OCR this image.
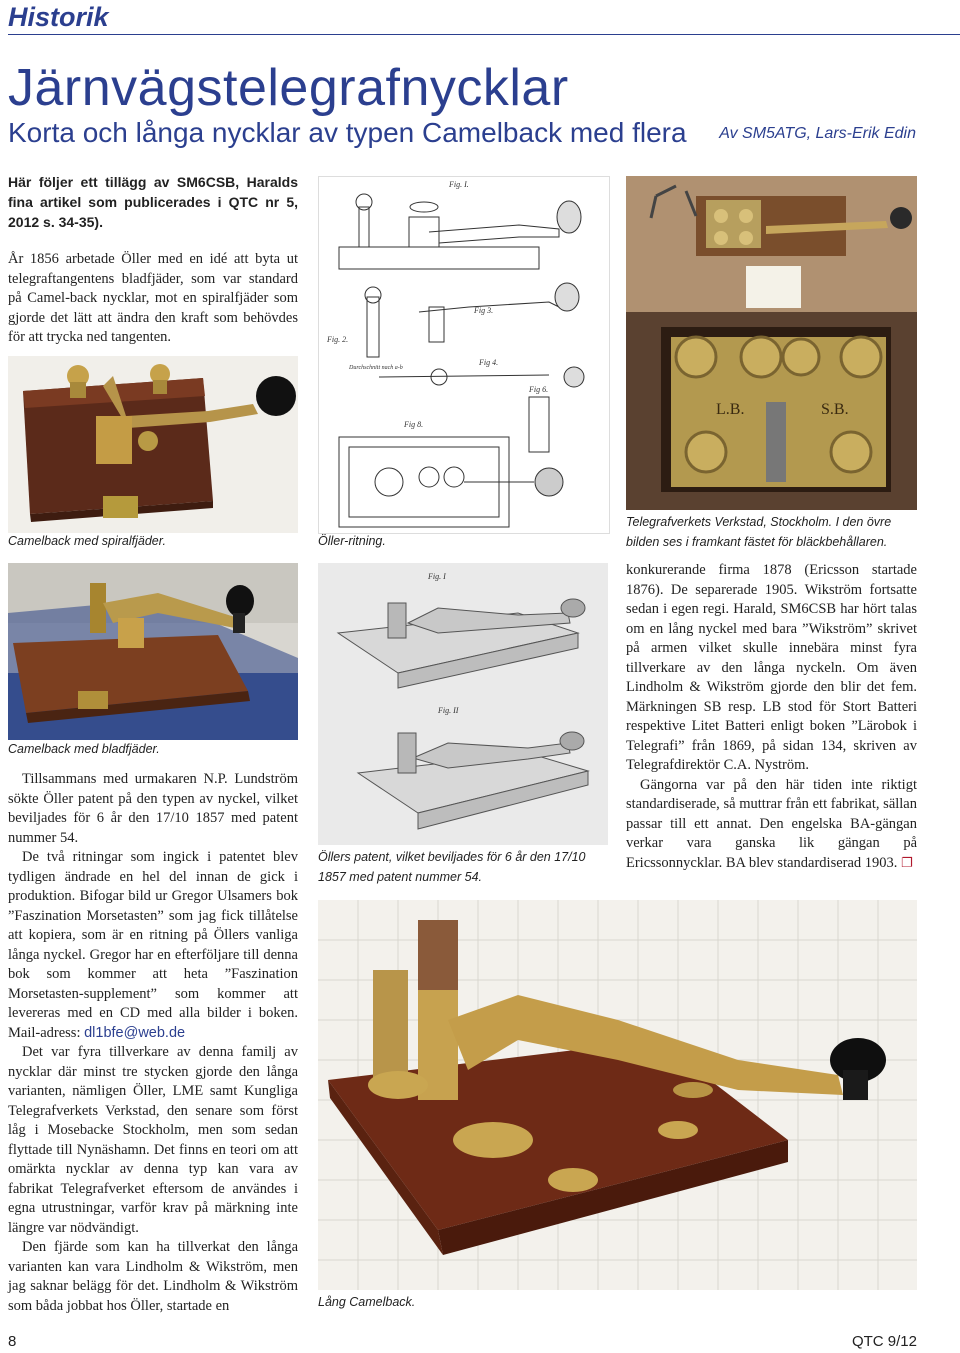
Historik
Järnvägstelegrafnycklar
Korta och långa nycklar av typen Camelback med flera Av SM5ATG, Lars-Erik Edin
Här följer ett tillägg av SM6CSB, Haralds fina artikel som publicerades i QTC nr 5, 2012 s. 34-35).

År 1856 arbetade Öller med en idé att byta ut telegraftangentens bladfjäder, som var standard på Camel-back nycklar, mot en spiralfjäder som gjorde det lätt att ändra den kraft som behövdes för att trycka ned tangenten.

Camelback med spiralfjäder.
Camelback med bladfjäder.

Tillsammans med urmakaren N.P. Lundström sökte Öller patent på den typen av nyckel, vilket beviljades för 6 år den 17/10 1857 med patent nummer 54.

De två ritningar som ingick i patentet blev tydligen ändrade en hel del innan de gick i produktion. Bifogar bild ur Gregor Ulsamers bok ”Faszination Morsetasten” som jag fick tillåtelse att kopiera, som är en ritning på Öllers vanliga långa nyckel. Gregor har en efterföljare till denna bok som kommer att heta ”Faszination Morsetasten-supplement” som kommer att levereras med en CD med alla bilder i boken. Mail-adress: dl1bfe@web.de

Det var fyra tillverkare av denna familj av nycklar där minst tre stycken gjorde den långa varianten, nämligen Öller, LME samt Kungliga Telegrafverkets Verkstad, den senare som först låg i Mosebacke Stockholm, men som sedan flyttade till Nynäshamn. Det finns en teori om att omärkta nycklar av denna typ kan vara av fabrikat Telegrafverket eftersom de användes i egna utrustningar, varför krav på märkning inte längre var nödvändigt.

Den fjärde som kan ha tillverkat den långa varianten kan vara Lindholm & Wikström, men jag saknar belägg för det. Lindholm & Wikström som båda jobbat hos Öller, startade en

Fig. I.
Fig. 2.
Fig 3.
Fig 4.
Fig 6.
Fig 8.
Durchschnitt nach a-b
Öller-ritning.
Fig. I
Fig. II
Öllers patent, vilket beviljades för 6 år den 17/10 1857 med patent nummer 54.
L.B.	S.B.
Telegrafverkets Verkstad, Stockholm. I den övre bilden ses i framkant fästet för bläckbehållaren.

konkurerande firma 1878 (Ericsson startade 1876). De separerade 1905. Wikström fortsatte sedan i egen regi. Harald, SM6CSB har hört talas om en lång nyckel med bara ”Wikström” skrivet på armen vilket skulle innebära minst fyra tillverkare av den långa nyckeln. Om även Lindholm & Wikström gjorde den blir det fem. Märkningen SB resp. LB stod för Stort Batteri respektive Litet Batteri enligt boken ”Lärobok i Telegrafi” från 1869, på sidan 134, skriven av Telegrafdirektör C.A. Nyström.

Gängorna var på den här tiden inte riktigt standardiserade, så muttrar från ett fabrikat, sällan passar till ett annat. Den engelska BA-gängan verkar vara ganska lik gängan på Ericssonnycklar. BA blev standardiserad 1903. ❐

Lång Camelback.
8	QTC 9/12
